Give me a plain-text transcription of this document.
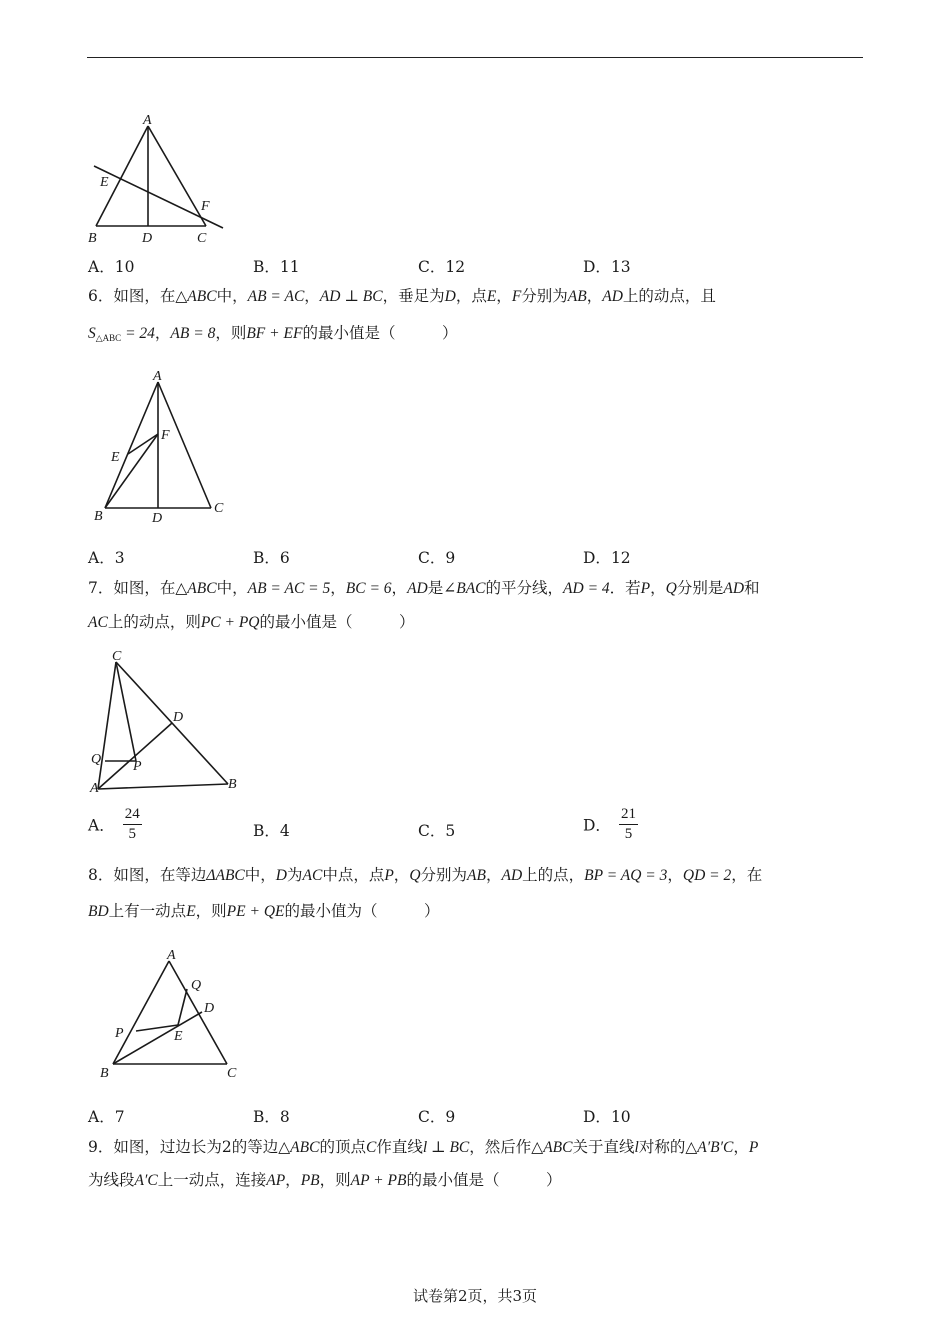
A
E
F
B	D	C
A．10	B．11	C．12	D．13
6．如图，在△ABC中，AB = AC，AD ⊥ BC，垂足为D，点E，F分别为AB，AD上的动点，且
$S_{\triangle ABC} = 24$，AB = 8，则BF + EF的最小值是（　　　）
A
F
E
B	D
C
A．3	B．6	C．9	D．12
7．如图，在△ABC中，AB = AC = 5，BC = 6，AD是∠BAC的平分线，AD = 4．若P，Q分别是AD和
AC上的动点，则PC + PQ的最小值是（　　　）
C
D
Q P
A	B
A． $\frac{24}{5}$	B．4	C．5	D． $\frac{21}{5}$
8．如图，在等边ΔABC中，D为AC中点，点P，Q分别为AB，AD上的点，BP = AQ = 3，QD = 2，在
BD上有一动点E，则PE + QE的最小值为（　　　）
A
Q
D
P	E
B	C
A．7	B．8	C．9	D．10
9．如图，过边长为2的等边△ABC的顶点C作直线l ⊥ BC，然后作△ABC关于直线l对称的△A′B′C，P
为线段A′C上一动点，连接AP，PB，则AP + PB的最小值是（　　　）
试卷第2页，共3页
